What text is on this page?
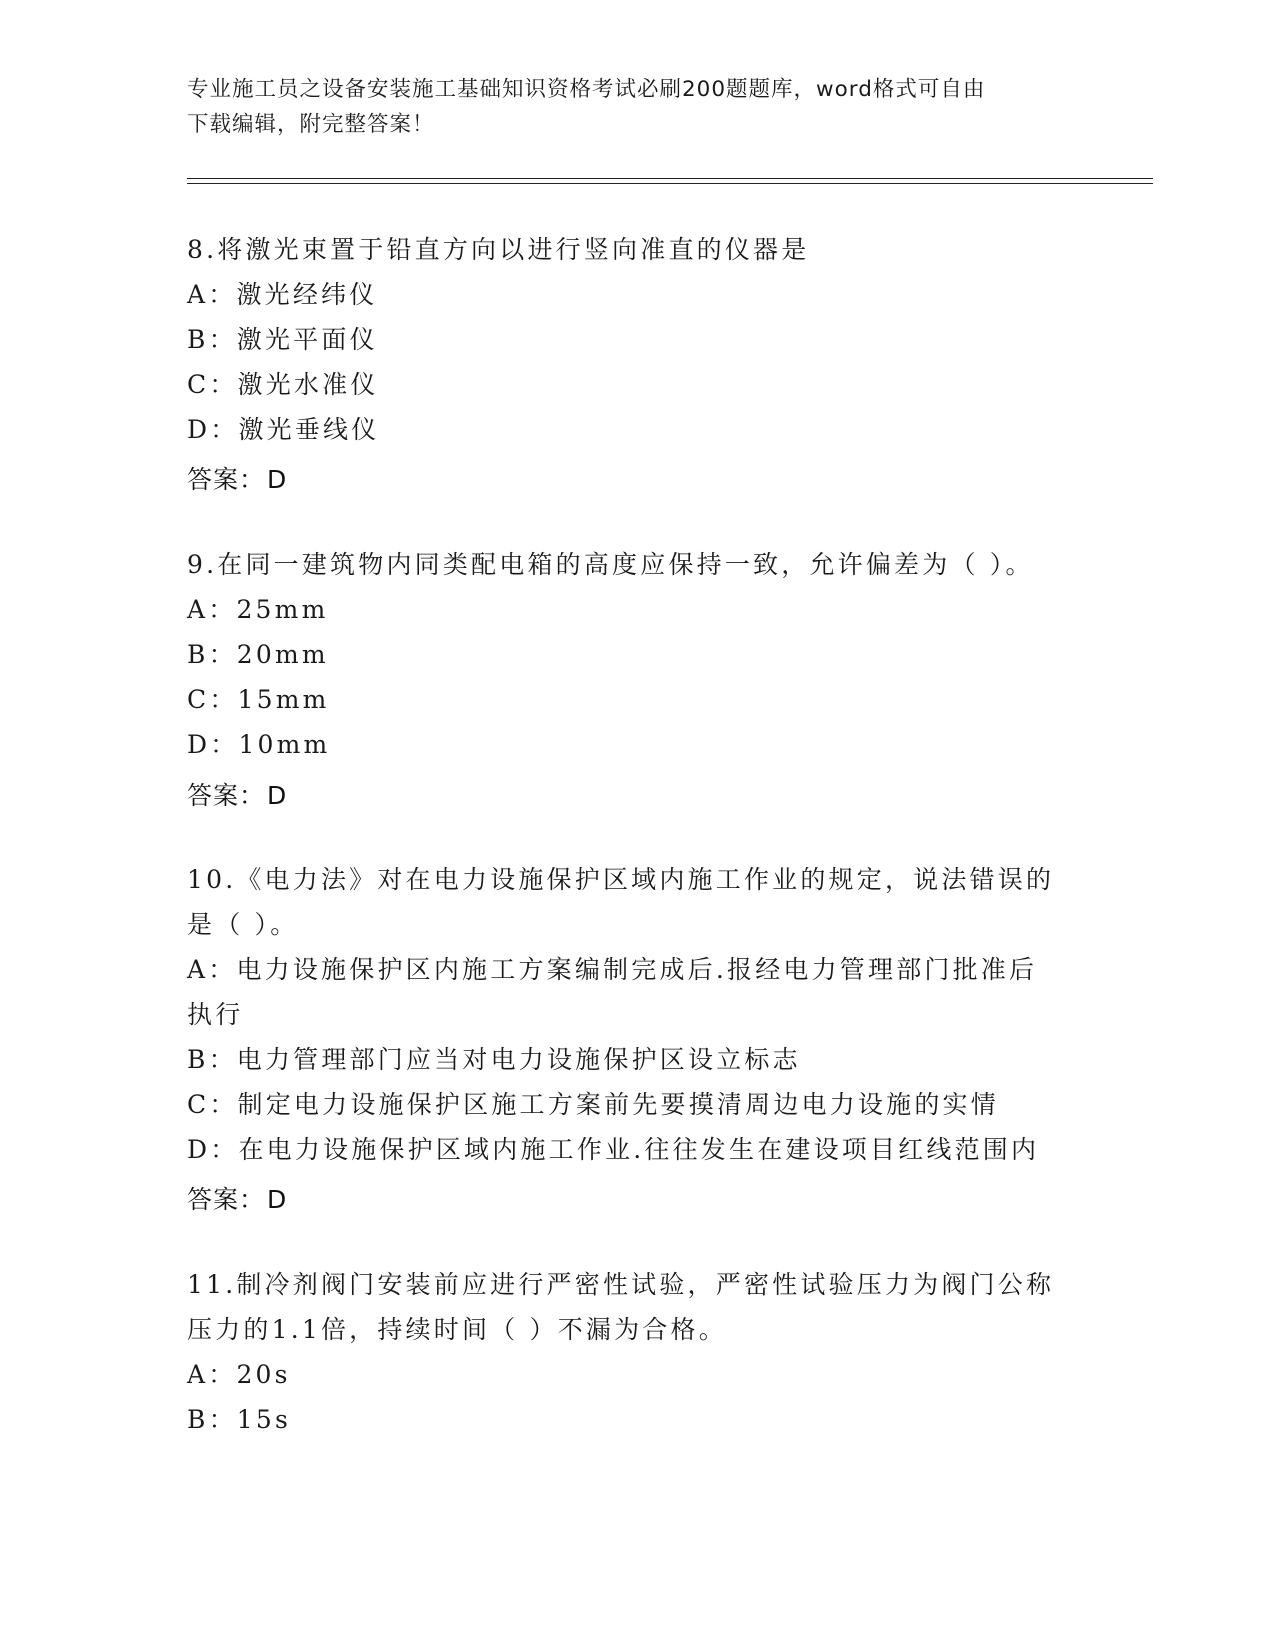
专业施工员之设备安装施工基础知识资格考试必刷200题题库，word格式可自由
下载编辑，附完整答案！
8.将激光束置于铅直方向以进行竖向准直的仪器是
A：激光经纬仪
B：激光平面仪
C：激光水准仪
D：激光垂线仪
答案：D
9.在同一建筑物内同类配电箱的高度应保持一致，允许偏差为（ ）。
A：25mm
B：20mm
C：15mm
D：10mm
答案：D
10.《电力法》对在电力设施保护区域内施工作业的规定，说法错误的
是（ ）。
A：电力设施保护区内施工方案编制完成后.报经电力管理部门批准后
执行
B：电力管理部门应当对电力设施保护区设立标志
C：制定电力设施保护区施工方案前先要摸清周边电力设施的实情
D：在电力设施保护区域内施工作业.往往发生在建设项目红线范围内
答案：D
11.制冷剂阀门安装前应进行严密性试验，严密性试验压力为阀门公称
压力的1.1倍，持续时间（ ）不漏为合格。
A：20s
B：15s
